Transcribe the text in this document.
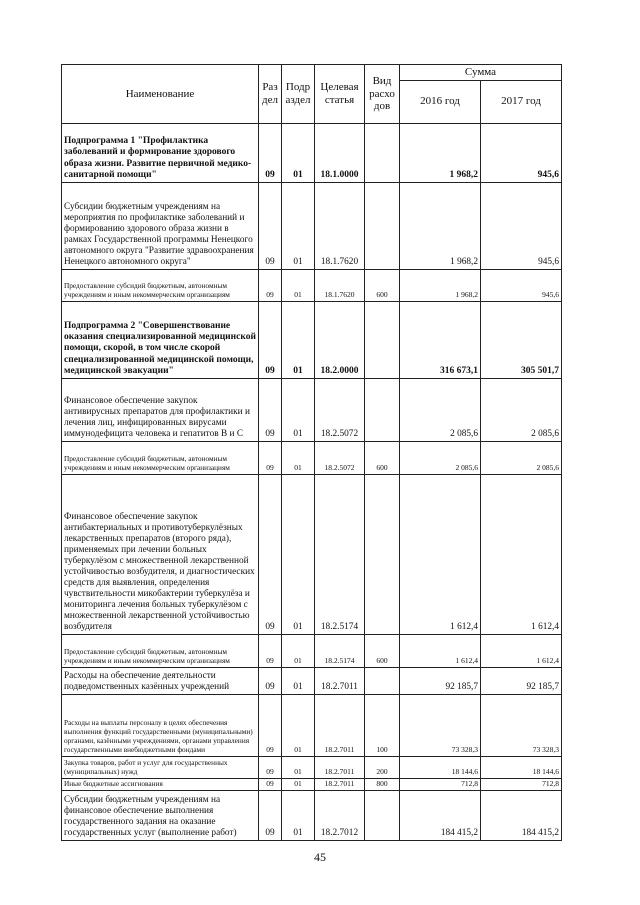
Наименование	Раз дел	Подр аздел	Целевая статья	Вид расхо дов	Сумма	
					2016 год	2017 год
Подпрограмма 1 "Профилактика заболеваний и формирование здорового образа жизни. Развитие первичной медико-санитарной помощи"	09	01	18.1.0000		1 968,2	945,6
Субсидии бюджетным учреждениям на мероприятия по профилактике заболеваний и формированию здорового образа жизни в рамках Государственной программы Ненецкого автономного округа "Развитие здравоохранения Ненецкого автономного округа"	09	01	18.1.7620		1 968,2	945,6
Предоставление субсидий бюджетным, автономным учреждениям и иным некоммерческим организациям	09	01	18.1.7620	600	1 968,2	945,6
Подпрограмма 2 "Совершенствование оказания специализированной медицинской помощи, скорой, в том числе скорой специализированной медицинской помощи, медицинской эвакуации"	09	01	18.2.0000		316 673,1	305 501,7
Финансовое обеспечение закупок антивирусных препаратов для профилактики и лечения лиц, инфицированных вирусами иммунодефицита человека и гепатитов В и С	09	01	18.2.5072		2 085,6	2 085,6
Предоставление субсидий бюджетным, автономным учреждениям и иным некоммерческим организациям	09	01	18.2.5072	600	2 085,6	2 085,6
Финансовое обеспечение закупок антибактериальных и противотуберкулёзных лекарственных препаратов (второго ряда), применяемых при лечении больных туберкулёзом с множественной лекарственной устойчивостью возбудителя, и диагностических средств для выявления, определения чувствительности микобактерии туберкулёза и мониторинга лечения больных туберкулёзом с множественной лекарственной устойчивостью возбудителя	09	01	18.2.5174		1 612,4	1 612,4
Предоставление субсидий бюджетным, автономным учреждениям и иным некоммерческим организациям	09	01	18.2.5174	600	1 612,4	1 612,4
Расходы на обеспечение деятельности подведомственных казённых учреждений	09	01	18.2.7011		92 185,7	92 185,7
Расходы на выплаты персоналу в целях обеспечения выполнения функций государственными (муниципальными) органами, казёнными учреждениями, органами управления государственными внебюджетными фондами	09	01	18.2.7011	100	73 328,3	73 328,3
Закупка товаров, работ и услуг для государственных (муниципальных) нужд	09	01	18.2.7011	200	18 144,6	18 144,6
Иные бюджетные ассигнования	09	01	18.2.7011	800	712,8	712,8
Субсидии бюджетным учреждениям на финансовое обеспечение выполнения государственного задания на оказание государственных услуг (выполнение работ)	09	01	18.2.7012		184 415,2	184 415,2
45
